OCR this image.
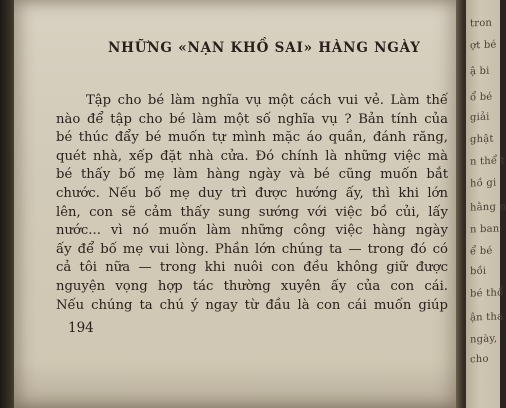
tron
ợt bé
ậ bi
ổ bé
giải
ghật
n thể t
hồ gi
hằng n
n ban
ể bé
bồi
bé thổ
ận tha
ngày,
cho
NHỮNG «NẠN KHỒ SAI» HÀNG NGÀY
Tập cho bé làm nghĩa vụ một cách vui vẻ. Làm thế
nào để tập cho bé làm một số nghĩa vụ ? Bản tính của
bé thúc đẩy bé muốn tự mình mặc áo quần, đánh răng,
quét nhà, xếp đặt nhà cửa. Đó chính là những việc mà
bé thấy bố mẹ làm hàng ngày và bé cũng muốn bắt
chước. Nếu bố mẹ duy trì được hướng ấy, thì khi lớn
lên, con sẽ cảm thấy sung sướng với việc bồ củi, lấy
nước... vì nó muốn làm những công việc hàng ngày
ấy để bố mẹ vui lòng. Phần lớn chúng ta — trong đó có
cả tôi nữa — trong khi nuôi con đều không giữ được
nguyện vọng hợp tác thường xuyên ấy của con cái.
Nếu chúng ta chú ý ngay từ đầu là con cái muốn giúp
194
